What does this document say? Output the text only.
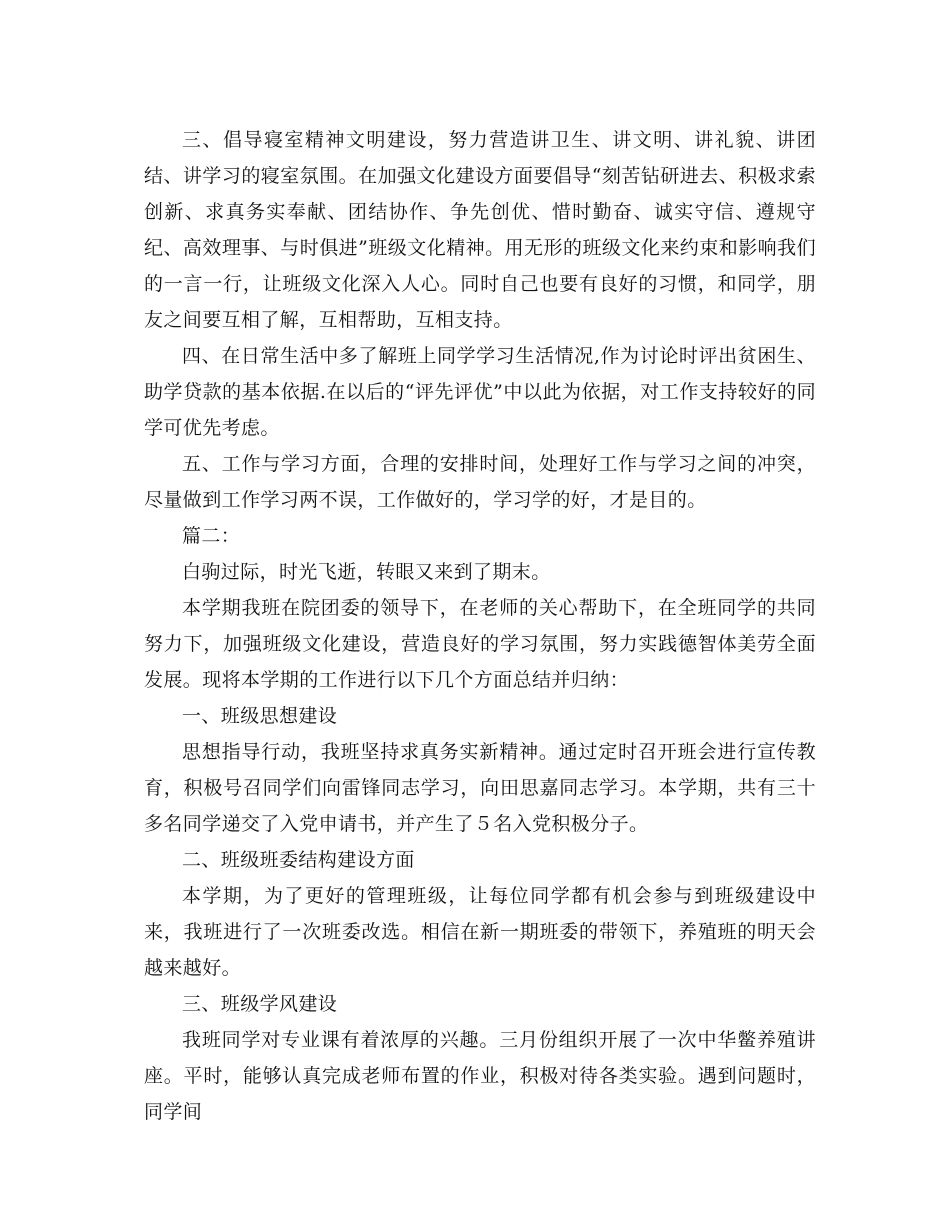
三、倡导寝室精神文明建设，努力营造讲卫生、讲文明、讲礼貌、讲团结、讲学习的寝室氛围。在加强文化建设方面要倡导“刻苦钻研进去、积极求索创新、求真务实奉献、团结协作、争先创优、惜时勤奋、诚实守信、遵规守纪、高效理事、与时俱进”班级文化精神。用无形的班级文化来约束和影响我们的一言一行，让班级文化深入人心。同时自己也要有良好的习惯，和同学，朋友之间要互相了解，互相帮助，互相支持。

四、在日常生活中多了解班上同学学习生活情况,作为讨论时评出贫困生、助学贷款的基本依据.在以后的“评先评优”中以此为依据，对工作支持较好的同学可优先考虑。

五、工作与学习方面，合理的安排时间，处理好工作与学习之间的冲突，尽量做到工作学习两不误，工作做好的，学习学的好，才是目的。

篇二：

白驹过际，时光飞逝，转眼又来到了期末。

本学期我班在院团委的领导下，在老师的关心帮助下，在全班同学的共同努力下，加强班级文化建设，营造良好的学习氛围，努力实践德智体美劳全面发展。现将本学期的工作进行以下几个方面总结并归纳：

一、班级思想建设

思想指导行动，我班坚持求真务实新精神。通过定时召开班会进行宣传教育，积极号召同学们向雷锋同志学习，向田思嘉同志学习。本学期，共有三十多名同学递交了入党申请书，并产生了５名入党积极分子。

二、班级班委结构建设方面

本学期，为了更好的管理班级，让每位同学都有机会参与到班级建设中来，我班进行了一次班委改选。相信在新一期班委的带领下，养殖班的明天会越来越好。

三、班级学风建设

我班同学对专业课有着浓厚的兴趣。三月份组织开展了一次中华鳖养殖讲座。平时，能够认真完成老师布置的作业，积极对待各类实验。遇到问题时，同学间
